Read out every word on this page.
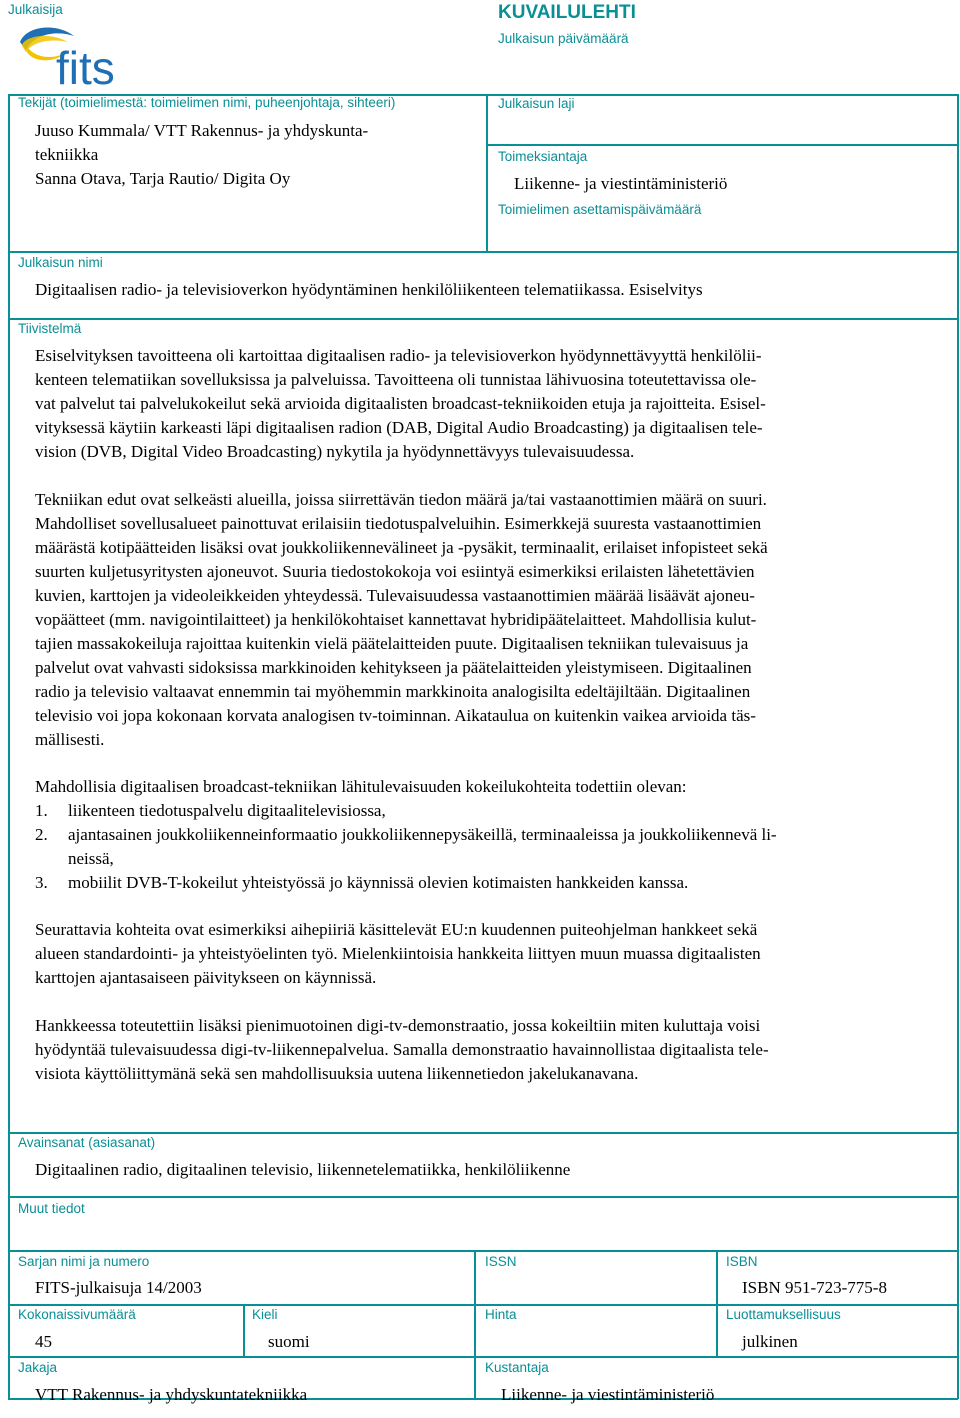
Julkaisija
fits
KUVAILULEHTI
Julkaisun päivämäärä
Tekijät (toimielimestä: toimielimen nimi, puheenjohtaja, sihteeri)
Juuso Kummala/ VTT Rakennus- ja yhdyskunta-
tekniikka
Sanna Otava, Tarja Rautio/ Digita Oy
Julkaisun laji
Toimeksiantaja
Liikenne- ja viestintäministeriö
Toimielimen asettamispäivämäärä
Julkaisun nimi
Digitaalisen radio- ja televisioverkon hyödyntäminen henkilöliikenteen telematiikassa. Esiselvitys
Tiivistelmä
Esiselvityksen tavoitteena oli kartoittaa digitaalisen radio- ja televisioverkon hyödynnettävyyttä henkilölii-
kenteen telematiikan sovelluksissa ja palveluissa. Tavoitteena oli tunnistaa lähivuosina toteutettavissa ole-
vat palvelut tai palvelukokeilut sekä arvioida digitaalisten broadcast-tekniikoiden etuja ja rajoitteita. Esisel-
vityksessä käytiin karkeasti läpi digitaalisen radion (DAB, Digital Audio Broadcasting) ja digitaalisen tele-
vision (DVB, Digital Video Broadcasting) nykytila ja hyödynnettävyys tulevaisuudessa.
Tekniikan edut ovat selkeästi alueilla, joissa siirrettävän tiedon määrä ja/tai vastaanottimien määrä on suuri.
Mahdolliset sovellusalueet painottuvat erilaisiin tiedotuspalveluihin. Esimerkkejä suuresta vastaanottimien
määrästä kotipäätteiden lisäksi ovat joukkoliikennevälineet ja -pysäkit, terminaalit, erilaiset infopisteet sekä
suurten kuljetusyritysten ajoneuvot. Suuria tiedostokokoja voi esiintyä esimerkiksi erilaisten lähetettävien
kuvien, karttojen ja videoleikkeiden yhteydessä. Tulevaisuudessa vastaanottimien määrää lisäävät ajoneu-
vopäätteet (mm. navigointilaitteet) ja henkilökohtaiset kannettavat hybridipäätelaitteet. Mahdollisia kulut-
tajien massakokeiluja rajoittaa kuitenkin vielä päätelaitteiden puute. Digitaalisen tekniikan tulevaisuus ja
palvelut ovat vahvasti sidoksissa markkinoiden kehitykseen ja päätelaitteiden yleistymiseen. Digitaalinen
radio ja televisio valtaavat ennemmin tai myöhemmin markkinoita analogisilta edeltäjiltään. Digitaalinen
televisio voi jopa kokonaan korvata analogisen tv-toiminnan. Aikataulua on kuitenkin vaikea arvioida täs-
mällisesti.
Mahdollisia digitaalisen broadcast-tekniikan lähitulevaisuuden kokeilukohteita todettiin olevan:
1. liikenteen tiedotuspalvelu digitaalitelevisiossa,
2. ajantasainen joukkoliikenneinformaatio joukkoliikennepysäkeillä, terminaaleissa ja joukkoliikennevä li-
neissä,
3. mobiilit DVB-T-kokeilut yhteistyössä jo käynnissä olevien kotimaisten hankkeiden kanssa.
Seurattavia kohteita ovat esimerkiksi aihepiiriä käsittelevät EU:n kuudennen puiteohjelman hankkeet sekä
alueen standardointi- ja yhteistyöelinten työ. Mielenkiintoisia hankkeita liittyen muun muassa digitaalisten
karttojen ajantasaiseen päivitykseen on käynnissä.
Hankkeessa toteutettiin lisäksi pienimuotoinen digi-tv-demonstraatio, jossa kokeiltiin miten kuluttaja voisi
hyödyntää tulevaisuudessa digi-tv-liikennepalvelua. Samalla demonstraatio havainnollistaa digitaalista tele-
visiota käyttöliittymänä sekä sen mahdollisuuksia uutena liikennetiedon jakelukanavana.
Avainsanat (asiasanat)
Digitaalinen radio, digitaalinen televisio, liikennetelematiikka, henkilöliikenne
Muut tiedot
Sarjan nimi ja numero
FITS-julkaisuja 14/2003
ISSN	ISBN
ISBN 951-723-775-8
Kokonaissivumäärä
45
Kieli
suomi
Hinta	Luottamuksellisuus
julkinen
Jakaja
VTT Rakennus- ja yhdyskuntatekniikka
Kustantaja
Liikenne- ja viestintäministeriö
